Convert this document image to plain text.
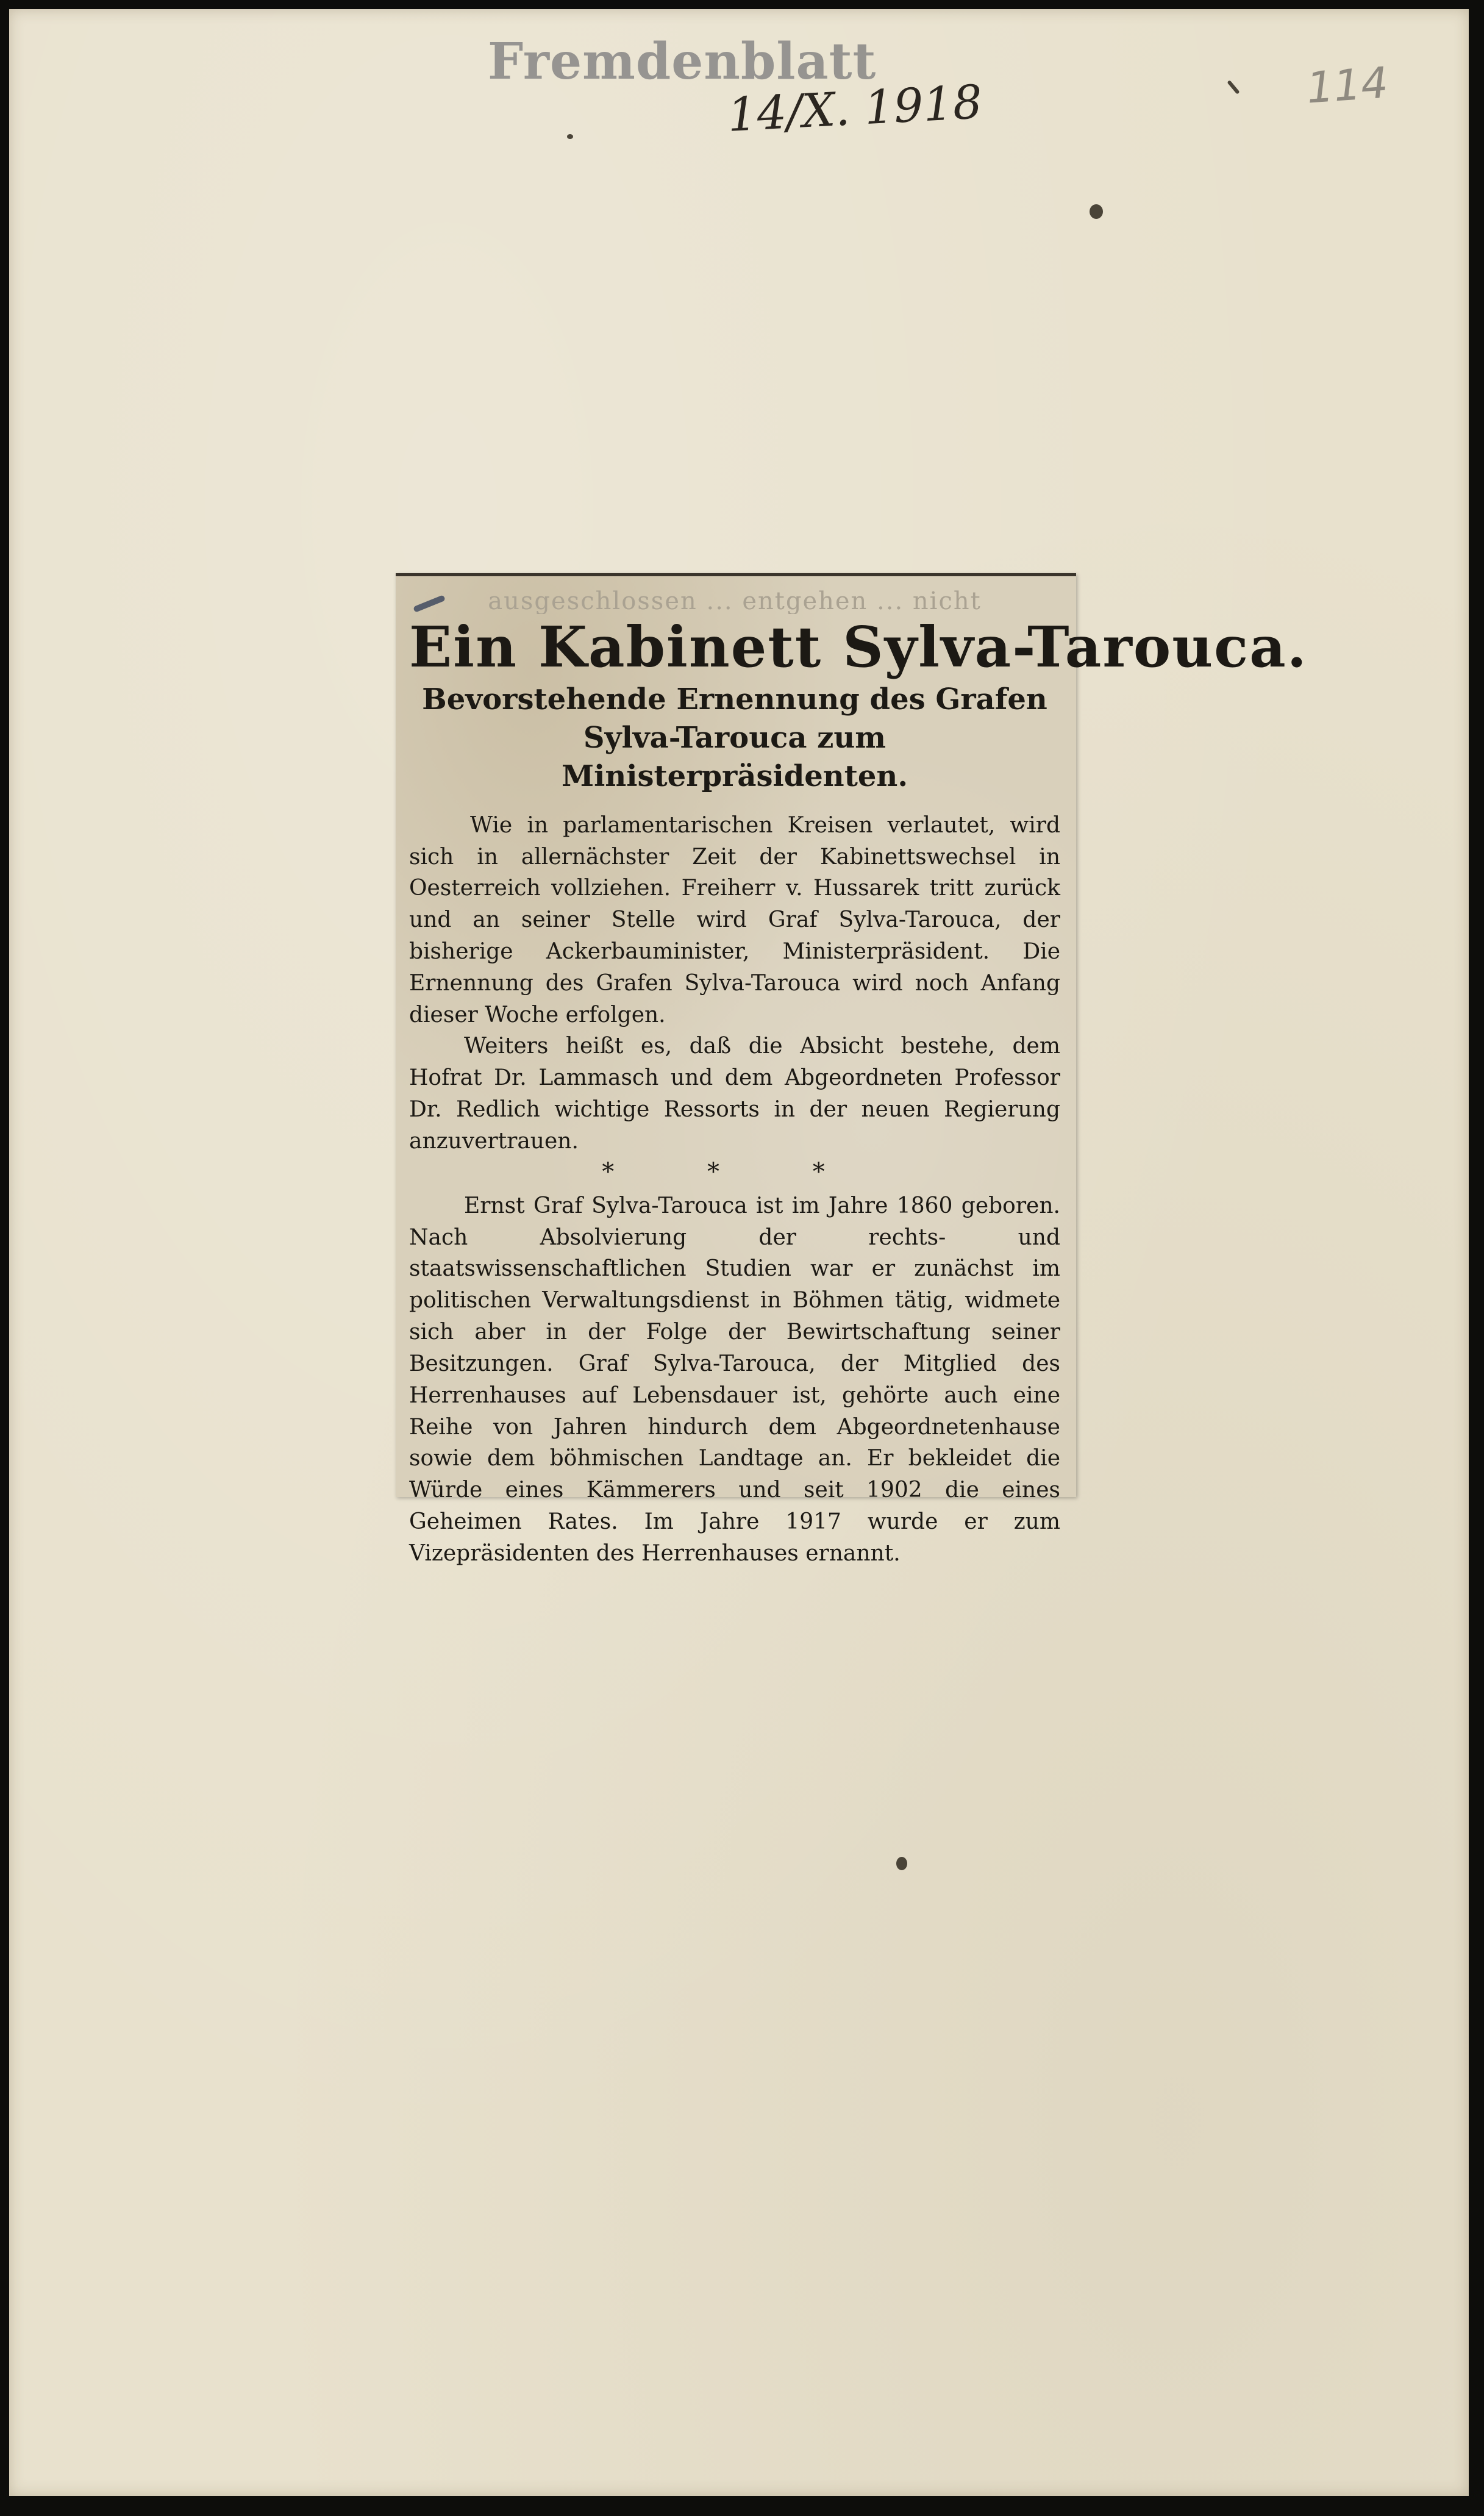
Fremdenblatt
14/X. 1918	114
ausgeschlossen ... entgehen ... nicht
Ein Kabinett Sylva-Tarouca.
Bevorstehende Ernennung des Grafen Sylva-Tarouca zum Ministerpräsidenten.

Wie in parlamentarischen Kreisen verlautet, wird sich in allernächster Zeit der Kabinettswechsel in Oesterreich vollziehen. Freiherr v. Hussarek tritt zurück und an seiner Stelle wird Graf Sylva-Tarouca, der bisherige Ackerbauminister, Ministerpräsident. Die Ernennung des Grafen Sylva-Tarouca wird noch Anfang dieser Woche erfolgen.

Weiters heißt es, daß die Absicht bestehe, dem Hofrat Dr. Lammasch und dem Abgeordneten Professor Dr. Redlich wichtige Ressorts in der neuen Regierung anzuvertrauen.

* * *

Ernst Graf Sylva-Tarouca ist im Jahre 1860 geboren. Nach Absolvierung der rechts- und staatswissenschaftlichen Studien war er zunächst im politischen Verwaltungsdienst in Böhmen tätig, widmete sich aber in der Folge der Bewirtschaftung seiner Besitzungen. Graf Sylva-Tarouca, der Mitglied des Herrenhauses auf Lebensdauer ist, gehörte auch eine Reihe von Jahren hindurch dem Abgeordnetenhause sowie dem böhmischen Landtage an. Er bekleidet die Würde eines Kämmerers und seit 1902 die eines Geheimen Rates. Im Jahre 1917 wurde er zum Vizepräsidenten des Herrenhauses ernannt.
